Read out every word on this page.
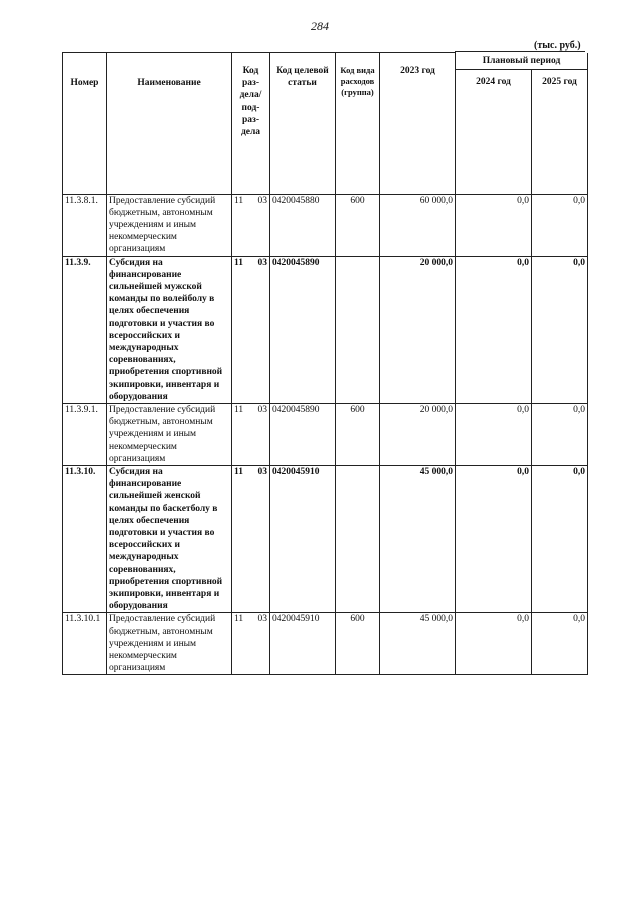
284
(тыс. руб.)
Номер	Наименование	Код раз- дела/ под- раз- дела	Код целевой статьи	Код вида расходов (группа)	2023 год	Плановый период	
						2024 год	2025 год

11.3.8.1.	Предоставление субсидий бюджетным, автономным учреждениям и иным некоммерческим организациям	11 03	0420045880	600	60 000,0	0,0	0,0
11.3.9.	Субсидия на финансирование сильнейшей мужской команды по волейболу в целях обеспечения подготовки и участия во всероссийских и международных соревнованиях, приобретения спортивной экипировки, инвентаря и оборудования	11 03	0420045890		20 000,0	0,0	0,0
11.3.9.1.	Предоставление субсидий бюджетным, автономным учреждениям и иным некоммерческим организациям	11 03	0420045890	600	20 000,0	0,0	0,0
11.3.10.	Субсидия на финансирование сильнейшей женской команды по баскетболу в целях обеспечения подготовки и участия во всероссийских и международных соревнованиях, приобретения спортивной экипировки, инвентаря и оборудования	11 03	0420045910		45 000,0	0,0	0,0
11.3.10.1	Предоставление субсидий бюджетным, автономным учреждениям и иным некоммерческим организациям	11 03	0420045910	600	45 000,0	0,0	0,0
